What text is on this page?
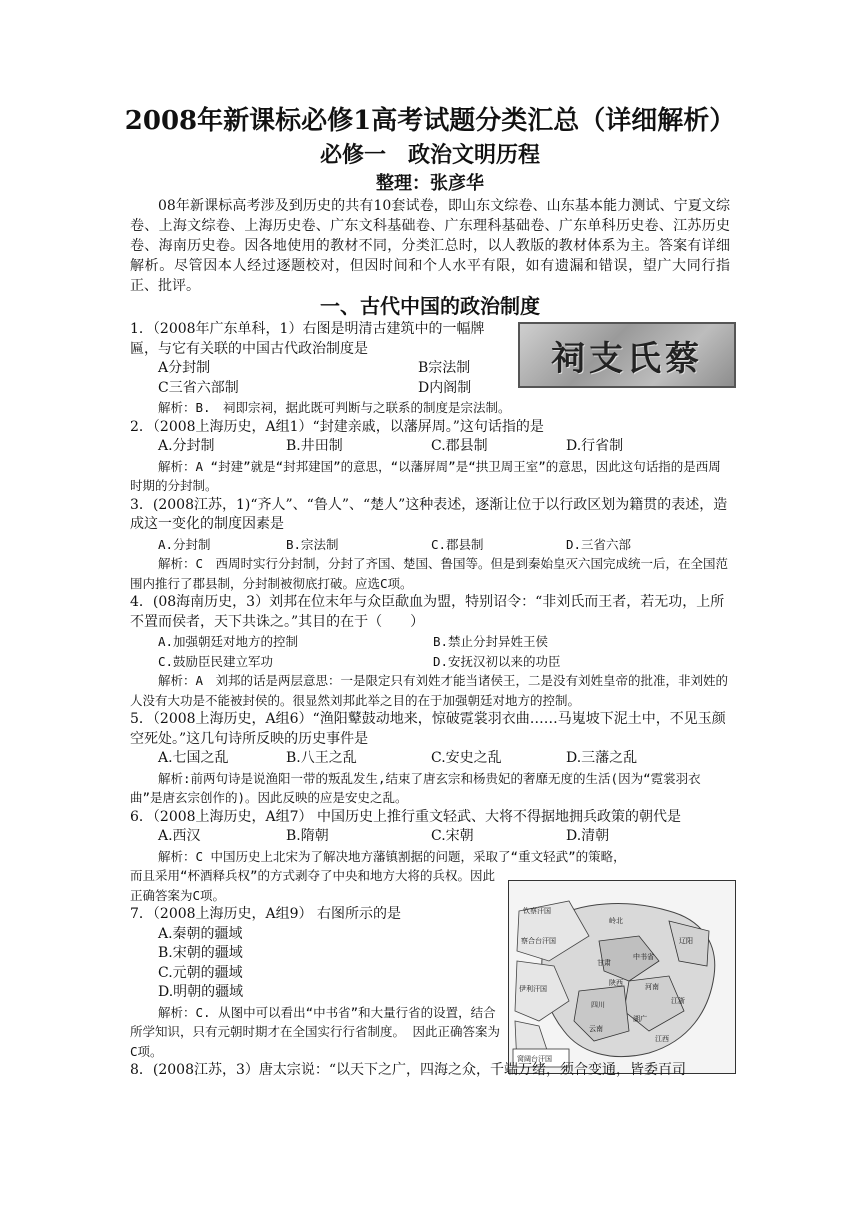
2008年新课标必修1高考试题分类汇总（详细解析）
必修一　政治文明历程
整理：张彦华

08年新课标高考涉及到历史的共有10套试卷，即山东文综卷、山东基本能力测试、宁夏文综卷、上海文综卷、上海历史卷、广东文科基础卷、广东理科基础卷、广东单科历史卷、江苏历史卷、海南历史卷。因各地使用的教材不同，分类汇总时，以人教版的教材体系为主。答案有详细解析。尽管因本人经过逐题校对，但因时间和个人水平有限，如有遗漏和错误，望广大同行指正、批评。

一、古代中国的政治制度
祠支氏蔡
钦察汗国
察合台汗国
伊利汗国
岭北
辽阳
中书省
甘肃
河南
陕西
四川
云南
湖广
江浙
江西
窝阔台汗国

1．（2008年广东单科，1）右图是明清古建筑中的一幅牌匾，与它有关联的中国古代政治制度是

A分封制	B宗法制
C三省六部制	D内阁制

解析：B.　祠即宗祠，据此既可判断与之联系的制度是宗法制。

2．（2008上海历史，A组1）“封建亲戚，以藩屏周。”这句话指的是

A.分封制	B.井田制	C.郡县制	D.行省制

解析：A “封建”就是“封邦建国”的意思，“以藩屏周”是“拱卫周王室”的意思，因此这句话指的是西周时期的分封制。

3．(2008江苏，1)“齐人”、“鲁人”、“楚人”这种表述，逐渐让位于以行政区划为籍贯的表述，造成这一变化的制度因素是

A.分封制	B.宗法制	C.郡县制	D.三省六部

解析：C　西周时实行分封制，分封了齐国、楚国、鲁国等。但是到秦始皇灭六国完成统一后，在全国范围内推行了郡县制，分封制被彻底打破。应选C项。

4．(08海南历史，3）刘邦在位末年与众臣歃血为盟，特别诏令：“非刘氏而王者，若无功，上所不置而侯者，天下共诛之。”其目的在于（　　）

A.加强朝廷对地方的控制	B.禁止分封异姓王侯
C.鼓励臣民建立军功	D.安抚汉初以来的功臣

解析：A　刘邦的话是两层意思：一是限定只有刘姓才能当诸侯王，二是没有刘姓皇帝的批准，非刘姓的人没有大功是不能被封侯的。很显然刘邦此举之目的在于加强朝廷对地方的控制。

5．（2008上海历史，A组6）“渔阳鼙鼓动地来，惊破霓裳羽衣曲……马嵬坡下泥土中，不见玉颜空死处。”这几句诗所反映的历史事件是

A.七国之乱	B.八王之乱	C.安史之乱	D.三藩之乱

解析:前两句诗是说渔阳一带的叛乱发生,结束了唐玄宗和杨贵妃的奢靡无度的生活(因为“霓裳羽衣曲”是唐玄宗创作的)。因此反映的应是安史之乱。

6．（2008上海历史，A组7） 中国历史上推行重文轻武、大将不得据地拥兵政策的朝代是

A.西汉	B.隋朝	C.宋朝	D.清朝

解析：C 中国历史上北宋为了解决地方藩镇割据的问题，采取了“重文轻武”的策略，

而且采用“杯酒释兵权”的方式剥夺了中央和地方大将的兵权。因此正确答案为C项。

7．（2008上海历史，A组9） 右图所示的是

A.秦朝的疆域
B.宋朝的疆域
C.元朝的疆域
D.明朝的疆域

解析：C. 从图中可以看出“中书省”和大量行省的设置，结合所学知识，只有元朝时期才在全国实行行省制度。 因此正确答案为C项。

8．(2008江苏，3）唐太宗说：“以天下之广，四海之众，千端万绪，须合变通，皆委百司
